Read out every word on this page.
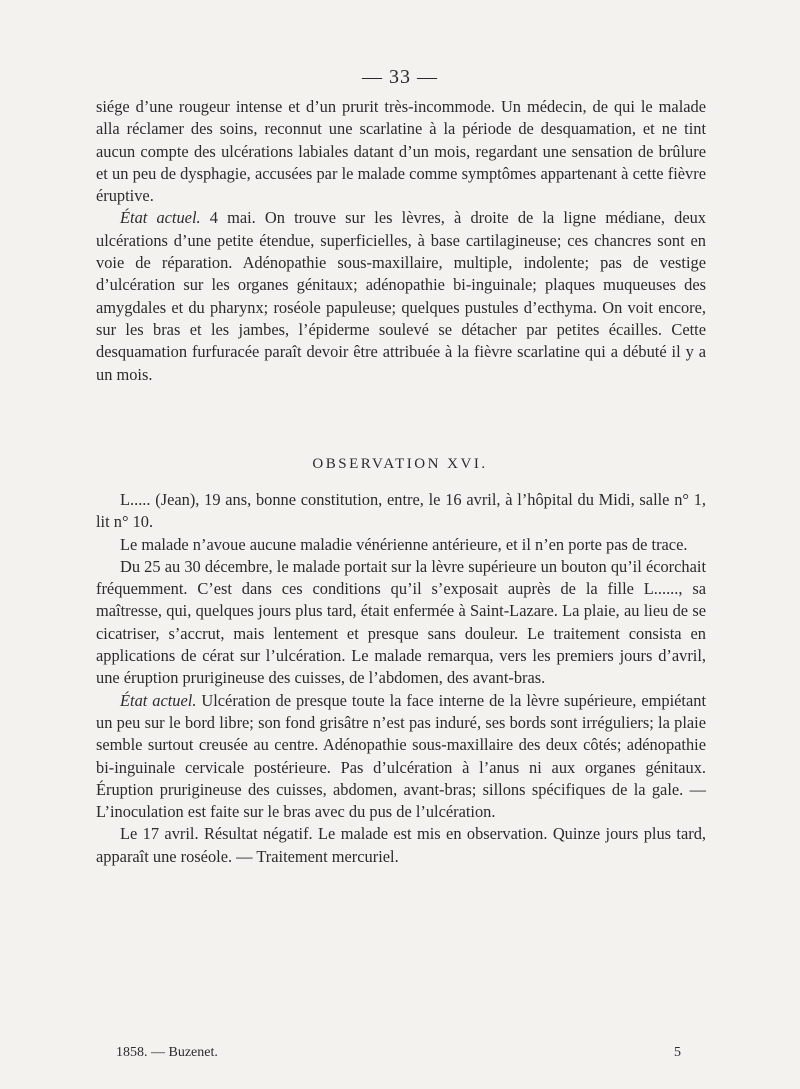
— 33 —

siége d’une rougeur intense et d’un prurit très-incommode. Un médecin, de qui le malade alla réclamer des soins, reconnut une scarlatine à la période de desquamation, et ne tint aucun compte des ulcérations labiales datant d’un mois, regardant une sensation de brûlure et un peu de dysphagie, accusées par le malade comme symptômes appartenant à cette fièvre éruptive.

État actuel. 4 mai. On trouve sur les lèvres, à droite de la ligne médiane, deux ulcérations d’une petite étendue, superficielles, à base cartilagineuse; ces chancres sont en voie de réparation. Adénopathie sous-maxillaire, multiple, indolente; pas de vestige d’ulcération sur les organes génitaux; adénopathie bi-inguinale; plaques muqueuses des amygdales et du pharynx; roséole papuleuse; quelques pustules d’ecthyma. On voit encore, sur les bras et les jambes, l’épiderme soulevé se détacher par petites écailles. Cette desquamation furfuracée paraît devoir être attribuée à la fièvre scarlatine qui a débuté il y a un mois.

OBSERVATION XVI.

L..... (Jean), 19 ans, bonne constitution, entre, le 16 avril, à l’hôpital du Midi, salle n° 1, lit n° 10.

Le malade n’avoue aucune maladie vénérienne antérieure, et il n’en porte pas de trace.

Du 25 au 30 décembre, le malade portait sur la lèvre supérieure un bouton qu’il écorchait fréquemment. C’est dans ces conditions qu’il s’exposait auprès de la fille L......, sa maîtresse, qui, quelques jours plus tard, était enfermée à Saint-Lazare. La plaie, au lieu de se cicatriser, s’accrut, mais lentement et presque sans douleur. Le traitement consista en applications de cérat sur l’ulcération. Le malade remarqua, vers les premiers jours d’avril, une éruption prurigineuse des cuisses, de l’abdomen, des avant-bras.

État actuel. Ulcération de presque toute la face interne de la lèvre supérieure, empiétant un peu sur le bord libre; son fond grisâtre n’est pas induré, ses bords sont irréguliers; la plaie semble surtout creusée au centre. Adénopathie sous-maxillaire des deux côtés; adénopathie bi-inguinale cervicale postérieure. Pas d’ulcération à l’anus ni aux organes génitaux. Éruption prurigineuse des cuisses, abdomen, avant-bras; sillons spécifiques de la gale. — L’inoculation est faite sur le bras avec du pus de l’ulcération.

Le 17 avril. Résultat négatif. Le malade est mis en observation. Quinze jours plus tard, apparaît une roséole. — Traitement mercuriel.

1858. — Buzenet.	5
